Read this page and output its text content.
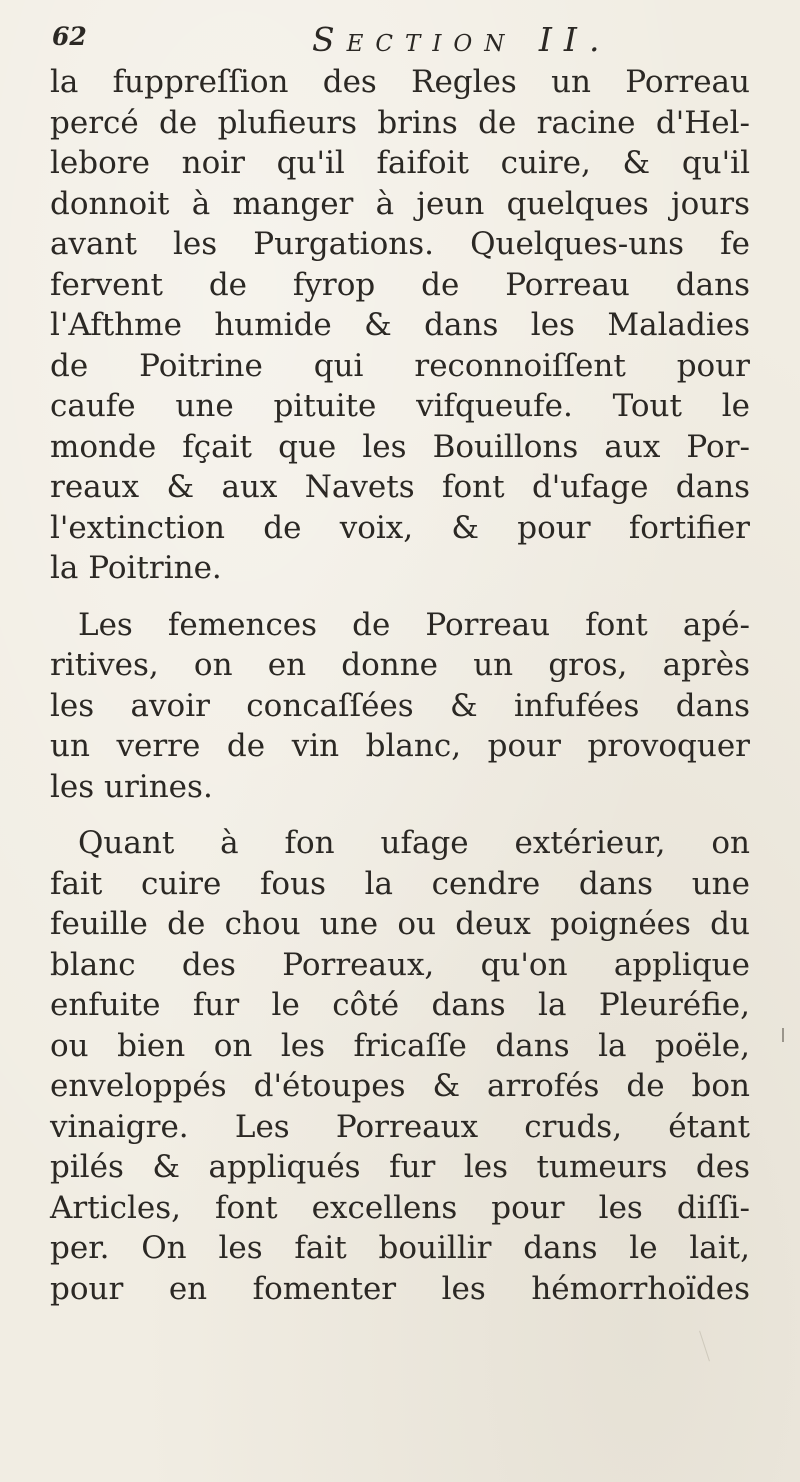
62	Section II.
la fuppreſſion des Regles un Porreau
percé de plufieurs brins de racine d'Hel-
lebore noir qu'il faifoit cuire, & qu'il
donnoit à manger à jeun quelques jours
avant les Purgations. Quelques-uns fe
fervent de fyrop de Porreau dans
l'Afthme humide & dans les Maladies
de Poitrine qui reconnoiſſent pour
caufe une pituite vifqueufe. Tout le
monde fçait que les Bouillons aux Por-
reaux & aux Navets font d'ufage dans
l'extinction de voix, & pour fortifier
la Poitrine.
Les femences de Porreau font apé-
ritives, on en donne un gros, après
les avoir concaſſées & infufées dans
un verre de vin blanc, pour provoquer
les urines.
Quant à fon ufage extérieur, on
fait cuire fous la cendre dans une
feuille de chou une ou deux poignées du
blanc des Porreaux, qu'on applique
enfuite fur le côté dans la Pleuréfie,
ou bien on les fricaſſe dans la poële,
enveloppés d'étoupes & arrofés de bon
vinaigre. Les Porreaux cruds, étant
pilés & appliqués fur les tumeurs des
Articles, font excellens pour les diſſi-
per. On les fait bouillir dans le lait,
pour en fomenter les hémorrhoïdes
